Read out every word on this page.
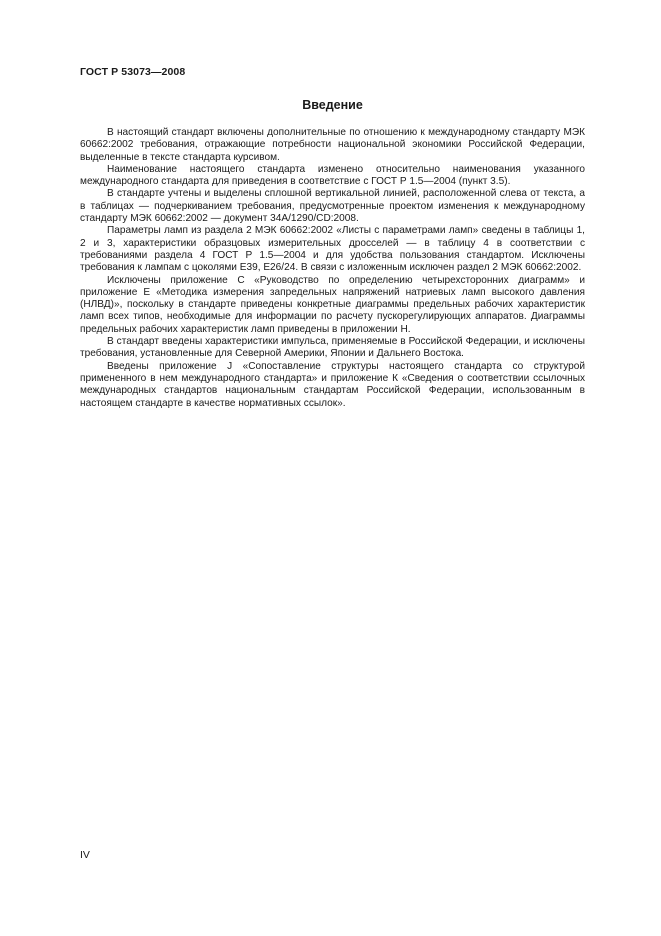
ГОСТ Р 53073—2008
Введение

В настоящий стандарт включены дополнительные по отношению к международному стандарту МЭК 60662:2002 требования, отражающие потребности национальной экономики Российской Федерации, выделенные в тексте стандарта курсивом.

Наименование настоящего стандарта изменено относительно наименования указанного международного стандарта для приведения в соответствие с ГОСТ Р 1.5—2004 (пункт 3.5).

В стандарте учтены и выделены сплошной вертикальной линией, расположенной слева от текста, а в таблицах — подчеркиванием требования, предусмотренные проектом изменения к международному стандарту МЭК 60662:2002 — документ 34A/1290/CD:2008.

Параметры ламп из раздела 2 МЭК 60662:2002 «Листы с параметрами ламп» сведены в таблицы 1, 2 и 3, характеристики образцовых измерительных дросселей — в таблицу 4 в соответствии с требованиями раздела 4 ГОСТ Р 1.5—2004 и для удобства пользования стандартом. Исключены требования к лампам с цоколями E39, E26/24. В связи с изложенным исключен раздел 2 МЭК 60662:2002.

Исключены приложение С «Руководство по определению четырехсторонних диаграмм» и приложение Е «Методика измерения запредельных напряжений натриевых ламп высокого давления (НЛВД)», поскольку в стандарте приведены конкретные диаграммы предельных рабочих характеристик ламп всех типов, необходимые для информации по расчету пускорегулирующих аппаратов. Диаграммы предельных рабочих характеристик ламп приведены в приложении Н.

В стандарт введены характеристики импульса, применяемые в Российской Федерации, и исключены требования, установленные для Северной Америки, Японии и Дальнего Востока.

Введены приложение J «Сопоставление структуры настоящего стандарта со структурой примененного в нем международного стандарта» и приложение К «Сведения о соответствии ссылочных международных стандартов национальным стандартам Российской Федерации, использованным в настоящем стандарте в качестве нормативных ссылок».

IV
